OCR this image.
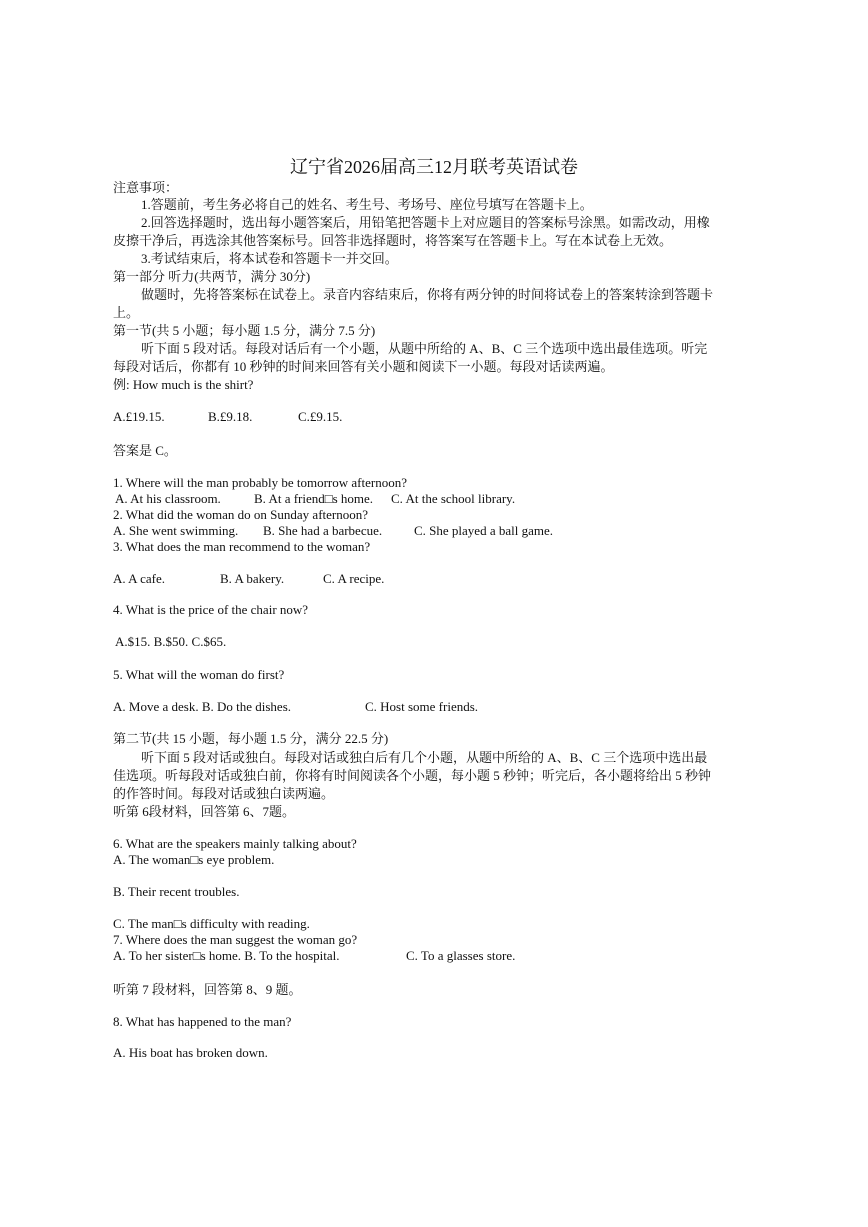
辽宁省2026届高三12月联考英语试卷
注意事项：
1.答题前，考生务必将自己的姓名、考生号、考场号、座位号填写在答题卡上。
2.回答选择题时，选出每小题答案后，用铅笔把答题卡上对应题目的答案标号涂黑。如需改动，用橡
皮擦干净后，再选涂其他答案标号。回答非选择题时，将答案写在答题卡上。写在本试卷上无效。
3.考试结束后，将本试卷和答题卡一并交回。
第一部分 听力(共两节，满分 30分)
做题时，先将答案标在试卷上。录音内容结束后，你将有两分钟的时间将试卷上的答案转涂到答题卡
上。
第一节(共 5 小题；每小题 1.5 分，满分 7.5 分)
听下面 5 段对话。每段对话后有一个小题，从题中所给的 A、B、C 三个选项中选出最佳选项。听完
每段对话后，你都有 10 秒钟的时间来回答有关小题和阅读下一小题。每段对话读两遍。
例: How much is the shirt?
A.£19.15.	B.£9.18.	C.£9.15.
答案是 C。
1. Where will the man probably be tomorrow afternoon?
A. At his classroom.	B. At a friend□s home. C. At the school library.
2. What did the woman do on Sunday afternoon?
A. She went swimming. B. She had a barbecue. C. She played a ball game.
3. What does the man recommend to the woman?
A. A cafe.	B. A bakery.	C. A recipe.
4. What is the price of the chair now?
A.$15. B.$50. C.$65.
5. What will the woman do first?
A. Move a desk. B. Do the dishes.	C. Host some friends.
第二节(共 15 小题，每小题 1.5 分，满分 22.5 分)
听下面 5 段对话或独白。每段对话或独白后有几个小题，从题中所给的 A、B、C 三个选项中选出最
佳选项。听每段对话或独白前，你将有时间阅读各个小题，每小题 5 秒钟；听完后，各小题将给出 5 秒钟
的作答时间。每段对话或独白读两遍。
听第 6段材料，回答第 6、7题。
6. What are the speakers mainly talking about?
A. The woman□s eye problem.
B. Their recent troubles.
C. The man□s difficulty with reading.
7. Where does the man suggest the woman go?
A. To her sister□s home. B. To the hospital.	C. To a glasses store.
听第 7 段材料，回答第 8、9 题。
8. What has happened to the man?
A. His boat has broken down.
